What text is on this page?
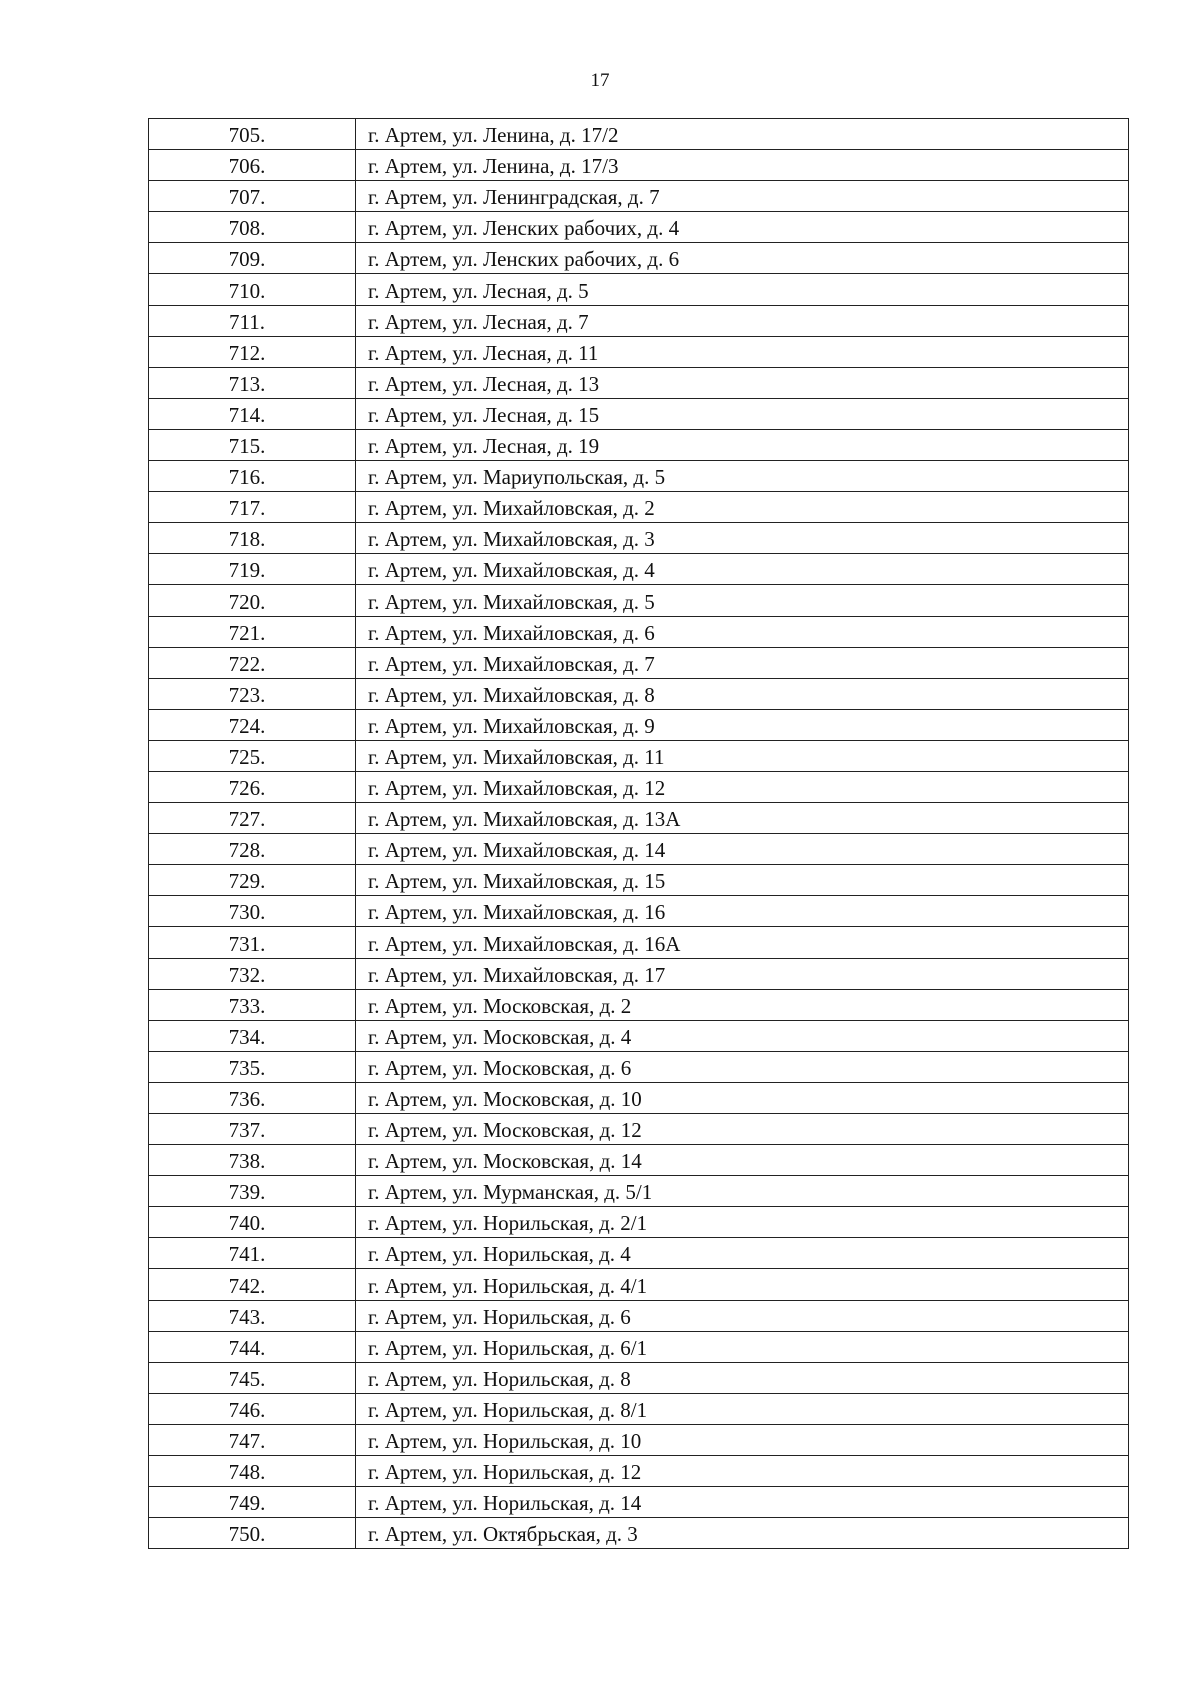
17
705.	г. Артем, ул. Ленина, д. 17/2
706.	г. Артем, ул. Ленина, д. 17/3
707.	г. Артем, ул. Ленинградская, д. 7
708.	г. Артем, ул. Ленских рабочих, д. 4
709.	г. Артем, ул. Ленских рабочих, д. 6
710.	г. Артем, ул. Лесная, д. 5
711.	г. Артем, ул. Лесная, д. 7
712.	г. Артем, ул. Лесная, д. 11
713.	г. Артем, ул. Лесная, д. 13
714.	г. Артем, ул. Лесная, д. 15
715.	г. Артем, ул. Лесная, д. 19
716.	г. Артем, ул. Мариупольская, д. 5
717.	г. Артем, ул. Михайловская, д. 2
718.	г. Артем, ул. Михайловская, д. 3
719.	г. Артем, ул. Михайловская, д. 4
720.	г. Артем, ул. Михайловская, д. 5
721.	г. Артем, ул. Михайловская, д. 6
722.	г. Артем, ул. Михайловская, д. 7
723.	г. Артем, ул. Михайловская, д. 8
724.	г. Артем, ул. Михайловская, д. 9
725.	г. Артем, ул. Михайловская, д. 11
726.	г. Артем, ул. Михайловская, д. 12
727.	г. Артем, ул. Михайловская, д. 13А
728.	г. Артем, ул. Михайловская, д. 14
729.	г. Артем, ул. Михайловская, д. 15
730.	г. Артем, ул. Михайловская, д. 16
731.	г. Артем, ул. Михайловская, д. 16А
732.	г. Артем, ул. Михайловская, д. 17
733.	г. Артем, ул. Московская, д. 2
734.	г. Артем, ул. Московская, д. 4
735.	г. Артем, ул. Московская, д. 6
736.	г. Артем, ул. Московская, д. 10
737.	г. Артем, ул. Московская, д. 12
738.	г. Артем, ул. Московская, д. 14
739.	г. Артем, ул. Мурманская, д. 5/1
740.	г. Артем, ул. Норильская, д. 2/1
741.	г. Артем, ул. Норильская, д. 4
742.	г. Артем, ул. Норильская, д. 4/1
743.	г. Артем, ул. Норильская, д. 6
744.	г. Артем, ул. Норильская, д. 6/1
745.	г. Артем, ул. Норильская, д. 8
746.	г. Артем, ул. Норильская, д. 8/1
747.	г. Артем, ул. Норильская, д. 10
748.	г. Артем, ул. Норильская, д. 12
749.	г. Артем, ул. Норильская, д. 14
750.	г. Артем, ул. Октябрьская, д. 3
